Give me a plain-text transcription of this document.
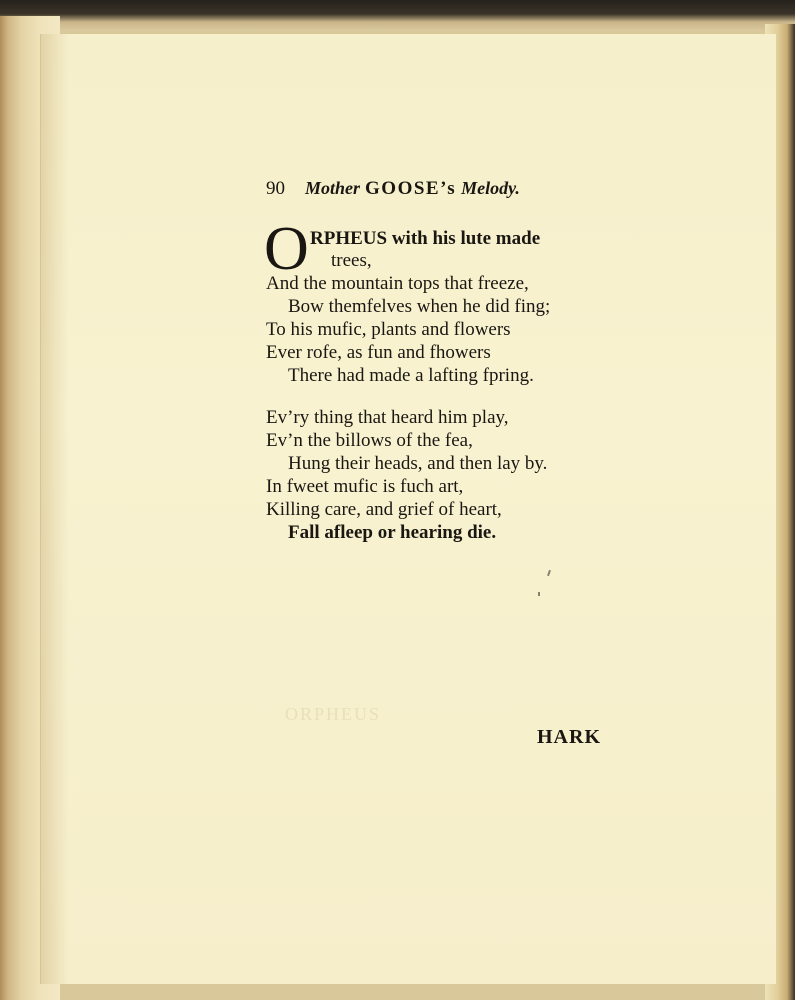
ORPHEUS
90 Mother GOOSE’s Melody.
O RPHEUS with his lute made
trees,
And the mountain tops that freeze,
Bow themfelves when he did fing;
To his mufic, plants and flowers
Ever rofe, as fun and fhowers
There had made a lafting fpring.
Ev’ry thing that heard him play,
Ev’n the billows of the fea,
Hung their heads, and then lay by.
In fweet mufic is fuch art,
Killing care, and grief of heart,
Fall afleep or hearing die.
HARK
